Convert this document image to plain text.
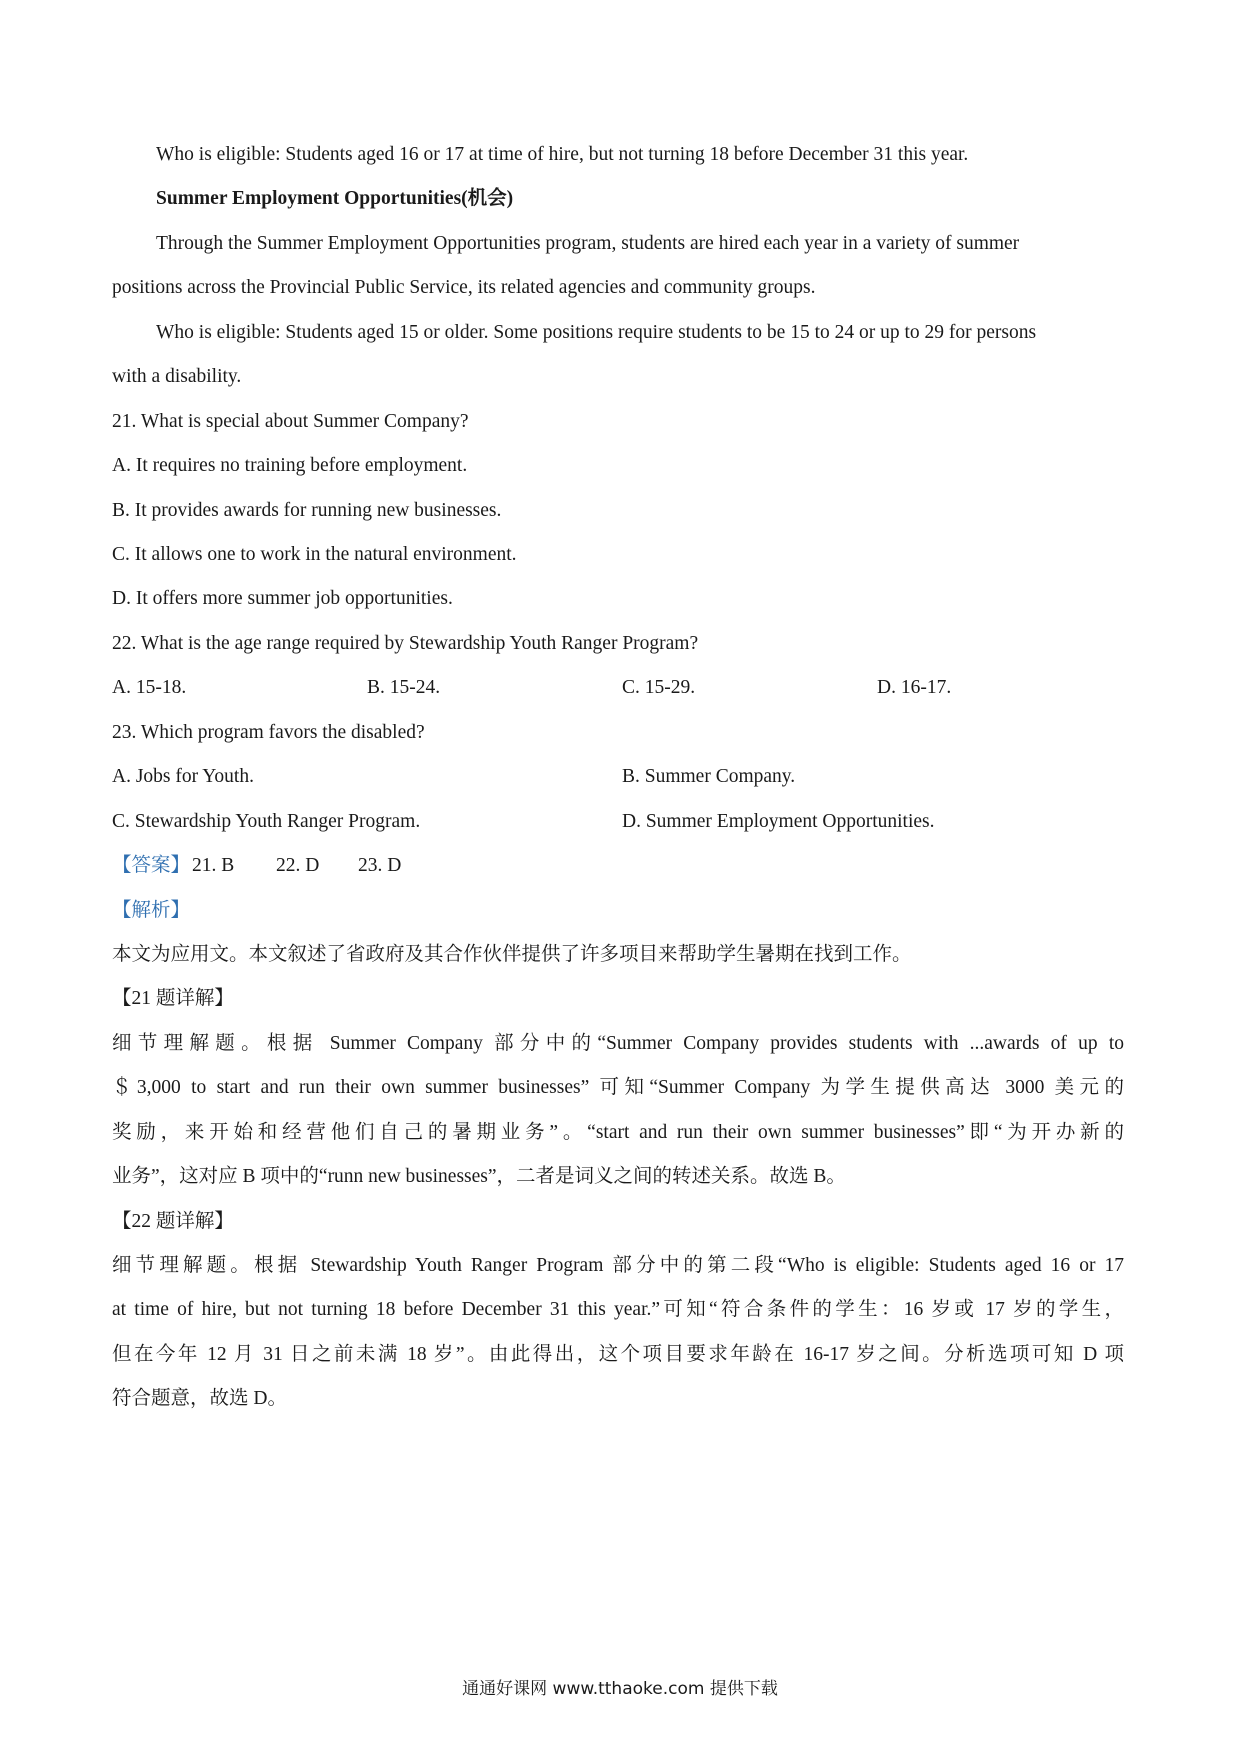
Who is eligible: Students aged 16 or 17 at time of hire, but not turning 18 before December 31 this year.

Summer Employment Opportunities(机会)

Through the Summer Employment Opportunities program, students are hired each year in a variety of summer

positions across the Provincial Public Service, its related agencies and community groups.

Who is eligible: Students aged 15 or older. Some positions require students to be 15 to 24 or up to 29 for persons

with a disability.

21. What is special about Summer Company?

A. It requires no training before employment.

B. It provides awards for running new businesses.

C. It allows one to work in the natural environment.

D. It offers more summer job opportunities.

22. What is the age range required by Stewardship Youth Ranger Program?

A. 15-18.	B. 15-24.	C. 15-29.	D. 16-17.

23. Which program favors the disabled?

A. Jobs for Youth.	B. Summer Company.
C. Stewardship Youth Ranger Program.	D. Summer Employment Opportunities.

【答案】 21. B 22. D 23. D

【解析】

本文为应用文。本文叙述了省政府及其合作伙伴提供了许多项目来帮助学生暑期在找到工作。

【21 题详解】

细节理解题。根据 Summer Company 部分中的“Summer Company provides students with ...awards of up to

＄3,000 to start and run their own summer businesses” 可知“Summer Company 为学生提供高达 3000 美元的

奖励，来开始和经营他们自己的暑期业务”。“start and run their own summer businesses”即“为开办新的

业务”，这对应 B 项中的“runn new businesses”，二者是词义之间的转述关系。故选 B。

【22 题详解】

细节理解题。根据 Stewardship Youth Ranger Program 部分中的第二段“Who is eligible: Students aged 16 or 17

at time of hire, but not turning 18 before December 31 this year.”可知“符合条件的学生：16 岁或 17 岁的学生，

但在今年 12 月 31 日之前未满 18 岁”。由此得出，这个项目要求年龄在 16-17 岁之间。分析选项可知 D 项

符合题意，故选 D。

通通好课网 www.tthaoke.com 提供下载
